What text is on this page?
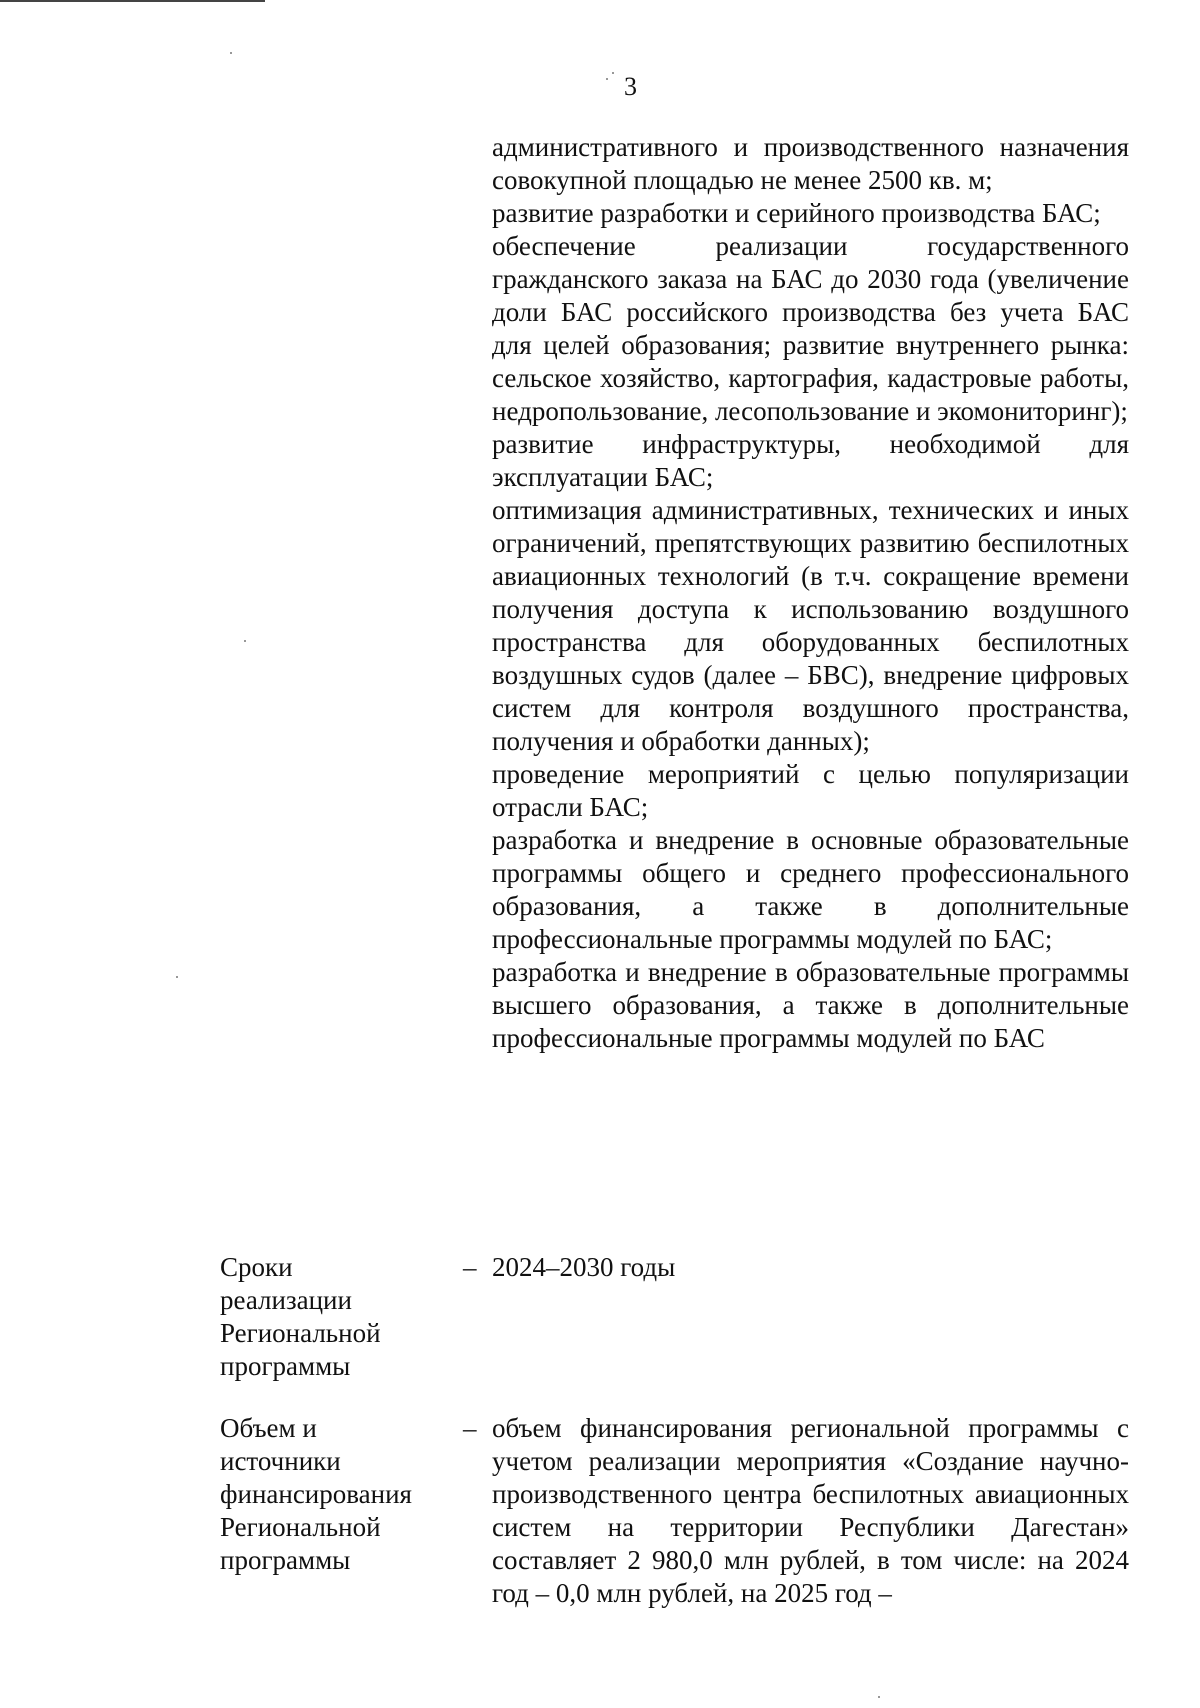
3

административного и производственного назначения совокупной площадью не менее 2500 кв. м;

развитие разработки и серийного производства БАС;

обеспечение реализации государственного гражданского заказа на БАС до 2030 года (увеличение доли БАС российского производства без учета БАС для целей образования; развитие внутреннего рынка: сельское хозяйство, картография, кадастровые работы, недропользование, лесопользование и экомониторинг);

развитие инфраструктуры, необходимой для эксплуатации БАС;

оптимизация административных, технических и иных ограничений, препятствующих развитию беспилотных авиационных технологий (в т.ч. сокращение времени получения доступа к использованию воздушного пространства для оборудованных беспилотных воздушных судов (далее – БВС), внедрение цифровых систем для контроля воздушного пространства, получения и обработки данных);

проведение мероприятий с целью популяризации отрасли БАС;

разработка и внедрение в основные образовательные программы общего и среднего профессионального образования, а также в дополнительные профессиональные программы модулей по БАС;

разработка и внедрение в образовательные программы высшего образования, а также в дополнительные профессиональные программы модулей по БАС

Сроки
реализации
Региональной
программы
– 2024–2030 годы

Объем и
источники
финансирования
Региональной
программы
– объем финансирования региональной программы с учетом реализации мероприятия «Создание научно-производственного центра беспилотных авиационных систем на территории Республики Дагестан» составляет 2 980,0 млн рублей, в том числе: на 2024 год – 0,0 млн рублей, на 2025 год –
